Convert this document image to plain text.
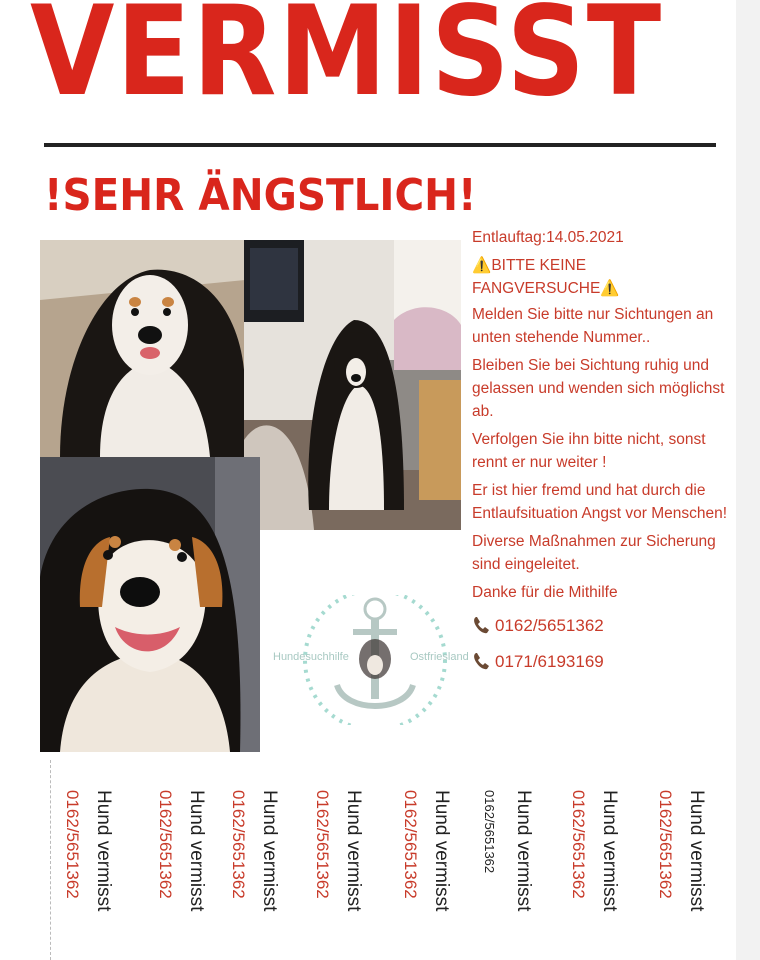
VERMISST
!SEHR ÄNGSTLICH!
Hundesuchhilfe	Ostfriesland

Entlauftag:14.05.2021

⚠️BITTE KEINE
FANGVERSUCHE⚠️

Melden Sie bitte nur Sichtungen an unten stehende Nummer..

Bleiben Sie bei Sichtung ruhig und gelassen und wenden sich möglichst ab.

Verfolgen Sie ihn bitte nicht, sonst rennt er nur weiter !

Er ist hier fremd und hat durch die Entlaufsituation Angst vor Menschen!

Diverse Maßnahmen zur Sicherung sind eingeleitet.

Danke für die Mithilfe

0162/5651362
0171/6193169
0162/5651362 Hund vermisst 0162/5651362 Hund vermisst 0162/5651362 Hund vermisst 0162/5651362 Hund vermisst 0162/5651362 Hund vermisst 0162/5651362 Hund vermisst 0162/5651362 Hund vermisst 0162/5651362 Hund vermisst
